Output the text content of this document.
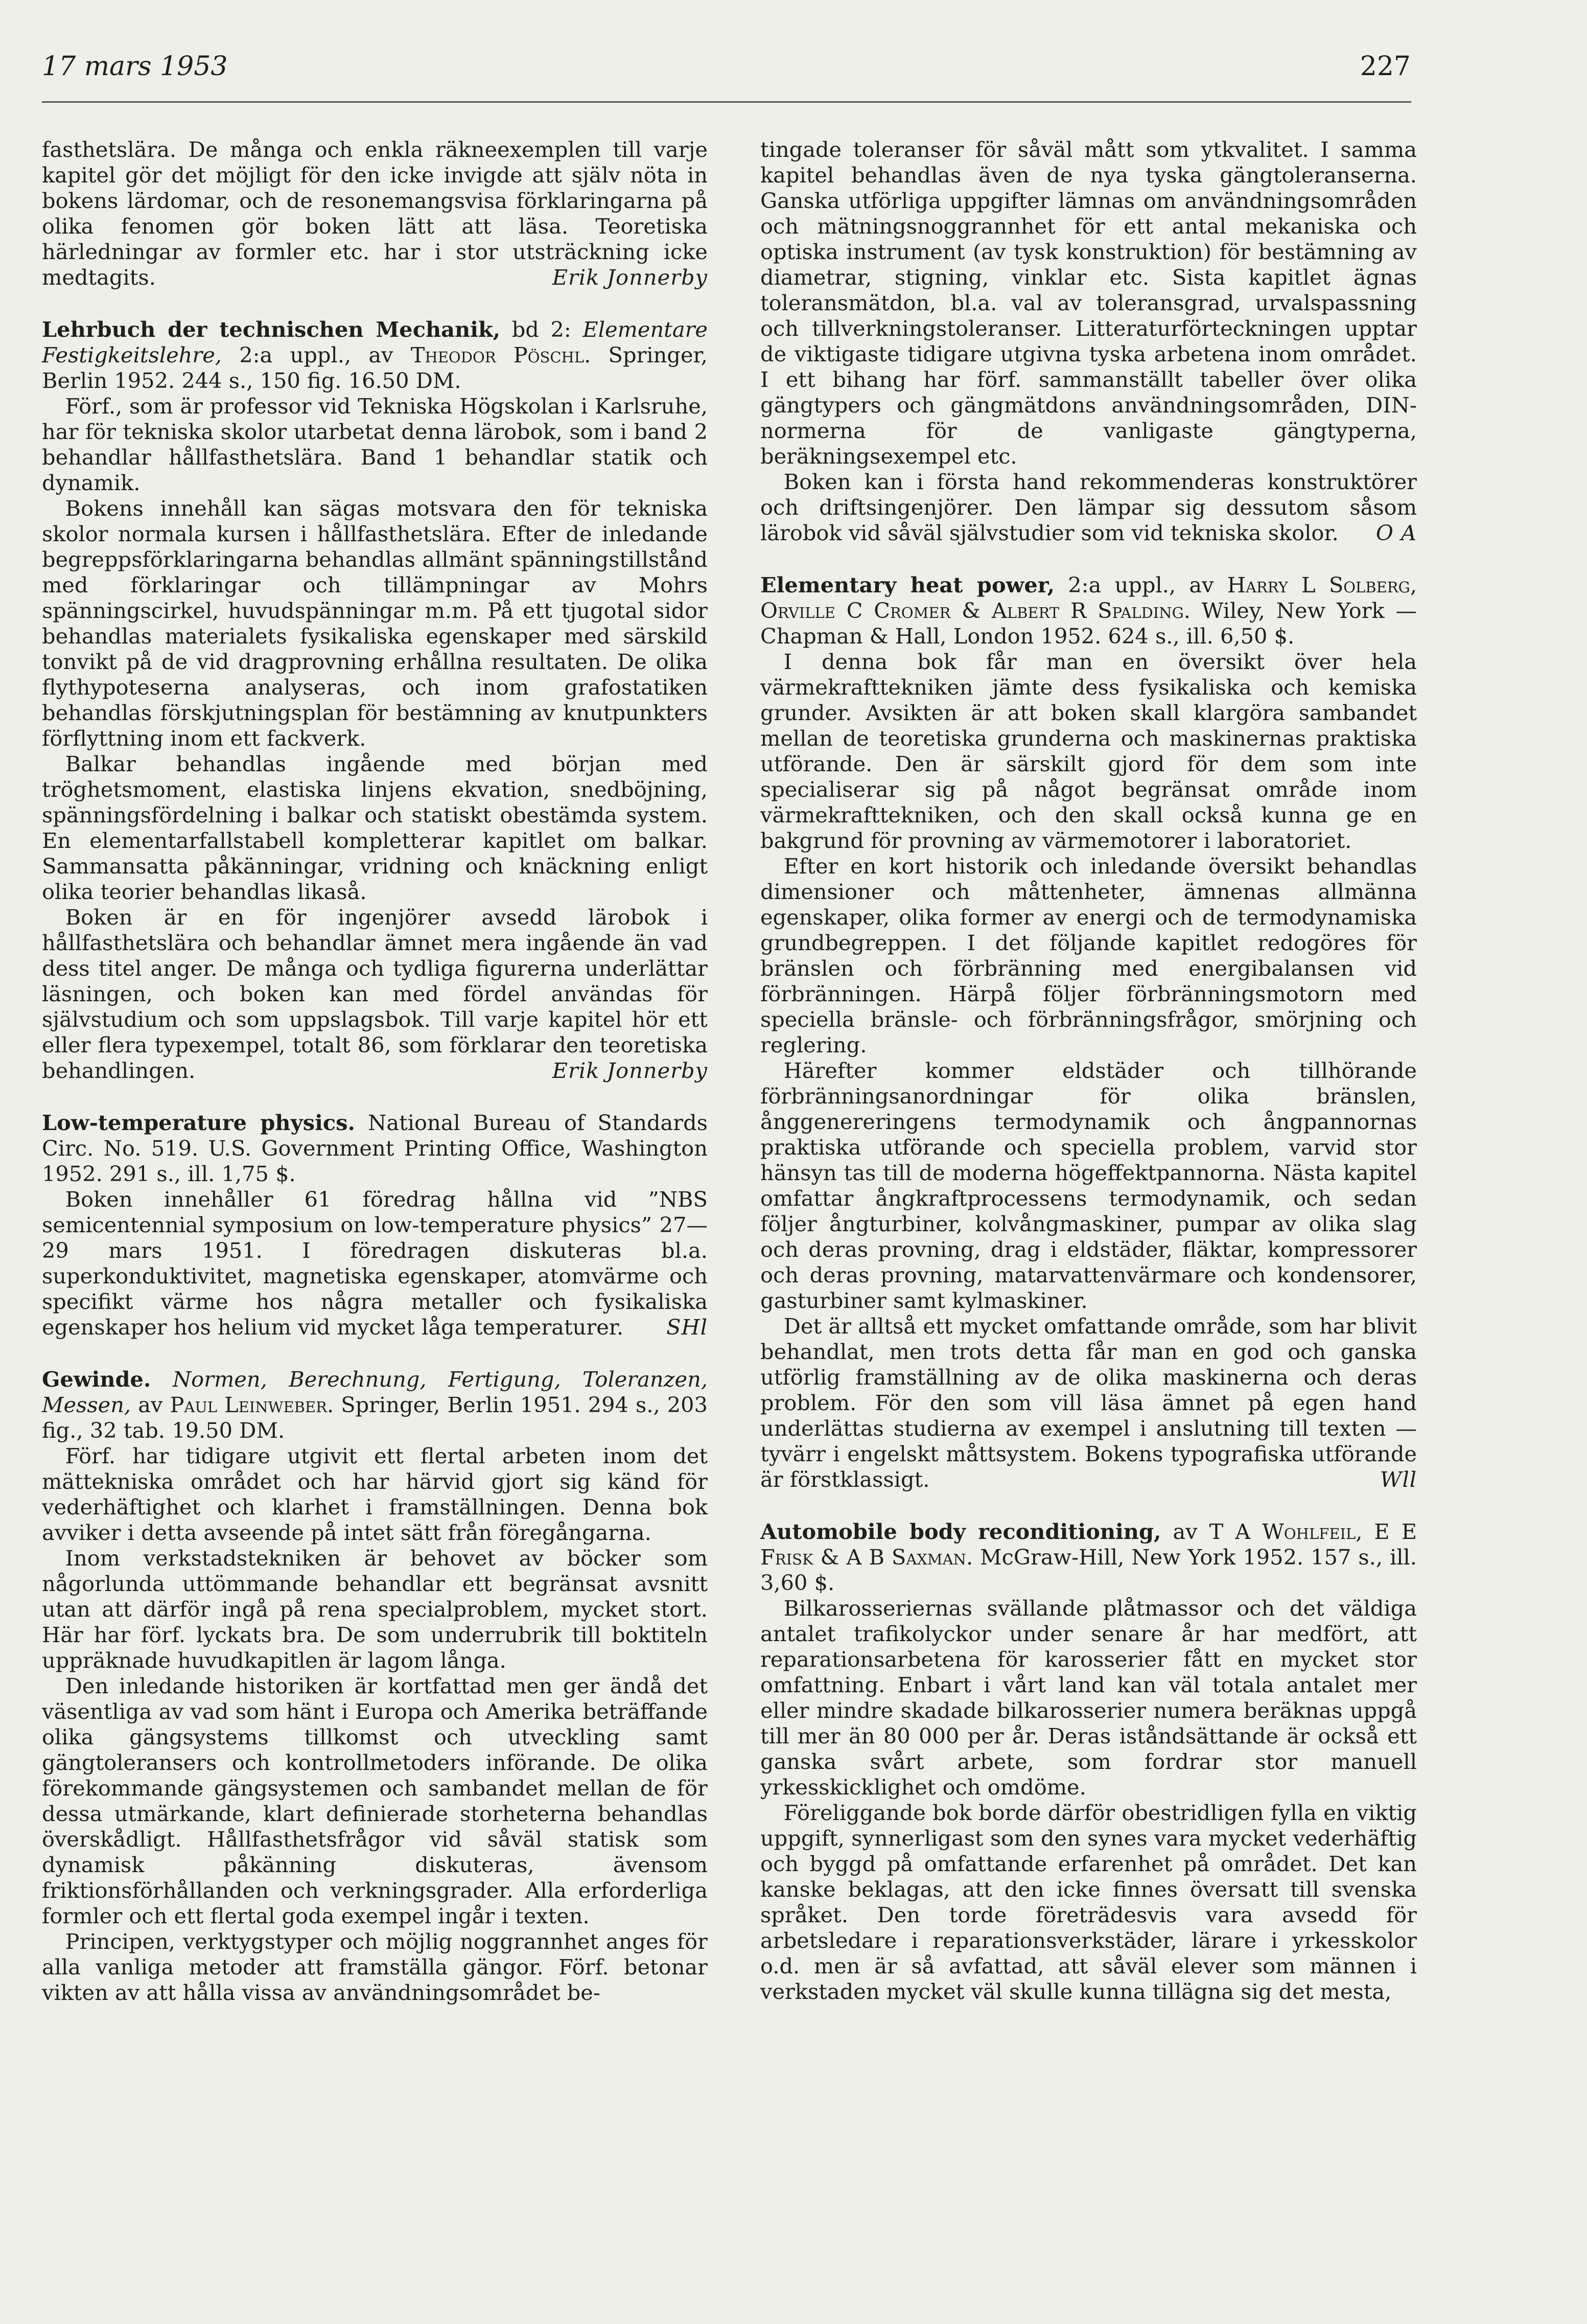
17 mars 1953	227

fasthetslära. De många och enkla räkneexemplen till varje kapitel gör det möjligt för den icke invigde att själv nöta in bokens lärdomar, och de resonemangsvisa förklaringarna på olika fenomen gör boken lätt att läsa. Teoretiska härledningar av formler etc. har i stor utsträckning icke medtagits.	Erik Jonnerby

Lehrbuch der technischen Mechanik, bd 2: Elementare Festigkeitslehre, 2:a uppl., av Theodor Pöschl. Springer, Berlin 1952. 244 s., 150 fig. 16.50 DM.

Förf., som är professor vid Tekniska Högskolan i Karlsruhe, har för tekniska skolor utarbetat denna lärobok, som i band 2 behandlar hållfasthetslära. Band 1 behandlar statik och dynamik.

Bokens innehåll kan sägas motsvara den för tekniska skolor normala kursen i hållfasthetslära. Efter de inledande begreppsförklaringarna behandlas allmänt spänningstillstånd med förklaringar och tillämpningar av Mohrs spänningscirkel, huvudspänningar m.m. På ett tjugotal sidor behandlas materialets fysikaliska egenskaper med särskild tonvikt på de vid dragprovning erhållna resultaten. De olika flythypoteserna analyseras, och inom grafostatiken behandlas förskjutningsplan för bestämning av knutpunkters förflyttning inom ett fackverk.

Balkar behandlas ingående med början med tröghetsmoment, elastiska linjens ekvation, snedböjning, spänningsfördelning i balkar och statiskt obestämda system. En elementarfallstabell kompletterar kapitlet om balkar. Sammansatta påkänningar, vridning och knäckning enligt olika teorier behandlas likaså.

Boken är en för ingenjörer avsedd lärobok i hållfasthetslära och behandlar ämnet mera ingående än vad dess titel anger. De många och tydliga figurerna underlättar läsningen, och boken kan med fördel användas för självstudium och som uppslagsbok. Till varje kapitel hör ett eller flera typexempel, totalt 86, som förklarar den teoretiska behandlingen.	Erik Jonnerby

Low-temperature physics. National Bureau of Standards Circ. No. 519. U.S. Government Printing Office, Washington 1952. 291 s., ill. 1,75 $.

Boken innehåller 61 föredrag hållna vid ”NBS semicentennial symposium on low-temperature physics” 27—29 mars 1951. I föredragen diskuteras bl.a. superkonduktivitet, magnetiska egenskaper, atomvärme och specifikt värme hos några metaller och fysikaliska egenskaper hos helium vid mycket låga temperaturer.	SHl

Gewinde. Normen, Berechnung, Fertigung, Toleranzen, Messen, av Paul Leinweber. Springer, Berlin 1951. 294 s., 203 fig., 32 tab. 19.50 DM.

Förf. har tidigare utgivit ett flertal arbeten inom det mättekniska området och har härvid gjort sig känd för vederhäftighet och klarhet i framställningen. Denna bok avviker i detta avseende på intet sätt från föregångarna.

Inom verkstadstekniken är behovet av böcker som någorlunda uttömmande behandlar ett begränsat avsnitt utan att därför ingå på rena specialproblem, mycket stort. Här har förf. lyckats bra. De som underrubrik till boktiteln uppräknade huvudkapitlen är lagom långa.

Den inledande historiken är kortfattad men ger ändå det väsentliga av vad som hänt i Europa och Amerika beträffande olika gängsystems tillkomst och utveckling samt gängtoleransers och kontrollmetoders införande. De olika förekommande gängsystemen och sambandet mellan de för dessa utmärkande, klart definierade storheterna behandlas överskådligt. Hållfasthetsfrågor vid såväl statisk som dynamisk påkänning diskuteras, ävensom friktionsförhållanden och verkningsgrader. Alla erforderliga formler och ett flertal goda exempel ingår i texten.

Principen, verktygstyper och möjlig noggrannhet anges för alla vanliga metoder att framställa gängor. Förf. betonar vikten av att hålla vissa av användningsområdet be-

tingade toleranser för såväl mått som ytkvalitet. I samma kapitel behandlas även de nya tyska gängtoleranserna. Ganska utförliga uppgifter lämnas om användningsområden och mätningsnoggrannhet för ett antal mekaniska och optiska instrument (av tysk konstruktion) för bestämning av diametrar, stigning, vinklar etc. Sista kapitlet ägnas toleransmätdon, bl.a. val av toleransgrad, urvalspassning och tillverkningstoleranser. Litteraturförteckningen upptar de viktigaste tidigare utgivna tyska arbetena inom området. I ett bihang har förf. sammanställt tabeller över olika gängtypers och gängmätdons användningsområden, DIN-normerna för de vanligaste gängtyperna, beräkningsexempel etc.

Boken kan i första hand rekommenderas konstruktörer och driftsingenjörer. Den lämpar sig dessutom såsom lärobok vid såväl självstudier som vid tekniska skolor.	O A

Elementary heat power, 2:a uppl., av Harry L Solberg, Orville C Cromer & Albert R Spalding. Wiley, New York — Chapman & Hall, London 1952. 624 s., ill. 6,50 $.

I denna bok får man en översikt över hela värmekrafttekniken jämte dess fysikaliska och kemiska grunder. Avsikten är att boken skall klargöra sambandet mellan de teoretiska grunderna och maskinernas praktiska utförande. Den är särskilt gjord för dem som inte specialiserar sig på något begränsat område inom värmekrafttekniken, och den skall också kunna ge en bakgrund för provning av värmemotorer i laboratoriet.

Efter en kort historik och inledande översikt behandlas dimensioner och måttenheter, ämnenas allmänna egenskaper, olika former av energi och de termodynamiska grundbegreppen. I det följande kapitlet redogöres för bränslen och förbränning med energibalansen vid förbränningen. Härpå följer förbränningsmotorn med speciella bränsle- och förbränningsfrågor, smörjning och reglering.

Härefter kommer eldstäder och tillhörande förbränningsanordningar för olika bränslen, ånggenereringens termodynamik och ångpannornas praktiska utförande och speciella problem, varvid stor hänsyn tas till de moderna högeffektpannorna. Nästa kapitel omfattar ångkraftprocessens termodynamik, och sedan följer ångturbiner, kolvångmaskiner, pumpar av olika slag och deras provning, drag i eldstäder, fläktar, kompressorer och deras provning, matarvattenvärmare och kondensorer, gasturbiner samt kylmaskiner.

Det är alltså ett mycket omfattande område, som har blivit behandlat, men trots detta får man en god och ganska utförlig framställning av de olika maskinerna och deras problem. För den som vill läsa ämnet på egen hand underlättas studierna av exempel i anslutning till texten — tyvärr i engelskt måttsystem. Bokens typografiska utförande är förstklassigt.	Wll

Automobile body reconditioning, av T A Wohlfeil, E E Frisk & A B Saxman. McGraw-Hill, New York 1952. 157 s., ill. 3,60 $.

Bilkarosseriernas svällande plåtmassor och det väldiga antalet trafikolyckor under senare år har medfört, att reparationsarbetena för karosserier fått en mycket stor omfattning. Enbart i vårt land kan väl totala antalet mer eller mindre skadade bilkarosserier numera beräknas uppgå till mer än 80 000 per år. Deras iståndsättande är också ett ganska svårt arbete, som fordrar stor manuell yrkesskicklighet och omdöme.

Föreliggande bok borde därför obestridligen fylla en viktig uppgift, synnerligast som den synes vara mycket vederhäftig och byggd på omfattande erfarenhet på området. Det kan kanske beklagas, att den icke finnes översatt till svenska språket. Den torde företrädesvis vara avsedd för arbetsledare i reparationsverkstäder, lärare i yrkesskolor o.d. men är så avfattad, att såväl elever som männen i verkstaden mycket väl skulle kunna tillägna sig det mesta,
